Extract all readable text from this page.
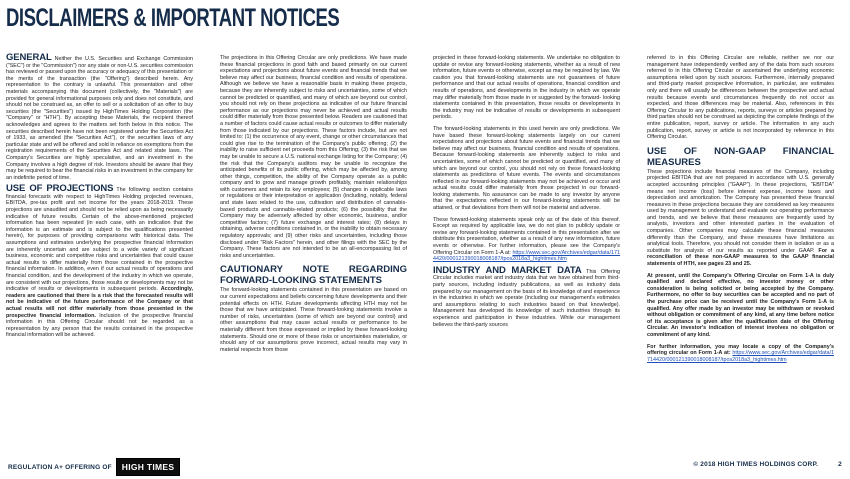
DISCLAIMERS & IMPORTANT NOTICES

GENERAL Neither the U.S. Securities and Exchange Commission ("SEC") or the "Commission") nor any state or non-U.S. securities commission has reviewed or passed upon the accuracy or adequacy of this presentation or the merits of the transaction (the "Offering") described herein. Any representation to the contrary is unlawful. This presentation and other materials accompanying this document (collectively, the "Materials") are provided for general informational purposes only and does not constitute, and should not be construed as, an offer to sell or a solicitation of an offer to buy securities (the "Securities") issued by HighTimes Holding Corporation (the "Company" or "HTH"). By accepting these Materials, the recipient thereof acknowledges and agrees to the matters set forth below in this notice. The securities described herein have not been registered under the Securities Act of 1933, as amended (the "Securities Act"), or the securities laws of any particular state and will be offered and sold in reliance on exemptions from the registration requirements of the Securities Act and related state laws. The Company's Securities are highly speculative, and an investment in the Company involves a high degree of risk. Investors should be aware that they may be required to bear the financial risks in an investment in the company for an indefinite period of time.

USE OF PROJECTIONS The following section contains financial forecasts with respect to HighTimes Holding projected revenues, EBITDA, pre-tax profit and net income for the years 2018-2019. These projections are unaudited and should not be relied upon as being necessarily indicative of future results. Certain of the above-mentioned projected information has been repeated (in each case, with an indication that the information is an estimate and is subject to the qualifications presented herein), for purposes of providing comparisons with historical data. The assumptions and estimates underlying the prospective financial information are inherently uncertain and are subject to a wide variety of significant business, economic and competitive risks and uncertainties that could cause actual results to differ materially from those contained in the prospective financial information. In addition, even if our actual results of operations and financial condition, and the development of the industry in which we operate, are consistent with our projections, those results or developments may not be indicative of results or developments in subsequent periods. Accordingly, readers are cautioned that there is a risk that the forecasted results will not be indicative of the future performance of the Company or that actual results will not differ materially from those presented in the prospective financial information. Inclusion of the prospective financial information in this Offering Circular should not be regarded as a representation by any person that the results contained in the prospective financial information will be achieved.

The projections in this Offering Circular are only predictions. We have made these financial projections in good faith and based primarily on our current expectations and projections about future events and financial trends that we believe may affect our business, financial condition and results of operations. Although we believe we have a reasonable basis in making these projects, because they are inherently subject to risks and uncertainties, some of which cannot be predicted or quantified, and many of which are beyond our control, you should not rely on these projections as indicative of our future financial performance as our projections may never be achieved and actual results could differ materially from those presented below. Readers are cautioned that a number of factors could cause actual results or outcomes to differ materially from those indicated by our projections. These factors include, but are not limited to: (1) the occurrence of any event, change or other circumstances that could give rise to the termination of the Company's public offering; (2) the inability to raise sufficient net proceeds from this Offering; (3) the risk that we may be unable to secure a U.S. national exchange listing for the Company; (4) the risk that the Company's auditors may be unable to recognize the anticipated benefits of its public offering, which may be affected by, among other things, competition, the ability of the Company operate as a public company and to grow and manage growth profitably, maintain relationships with customers and retain its key employees; (5) changes in applicable laws or regulations or their interpretation or application (including, notably, federal and state laws related to the use, cultivation and distribution of cannabis-based products and cannabis-related products; (6) the possibility that the Company may be adversely affected by other economic, business, and/or competitive factors; (7) future exchange and interest rates; (8) delays in obtaining, adverse conditions contained in, or the inability to obtain necessary regulatory approvals; and (9) other risks and uncertainties, including those disclosed under "Risk Factors" herein, and other filings with the SEC by the Company. These factors are not intended to be an all-encompassing list of risks and uncertainties.

CAUTIONARY NOTE REGARDING FORWARD-LOOKING STATEMENTS

The forward-looking statements contained in this presentation are based on our current expectations and beliefs concerning future developments and their potential effects on HTH. Future developments affecting HTH may not be those that we have anticipated. These forward-looking statements involve a number of risks, uncertainties (some of which are beyond our control) and other assumptions that may cause actual results or performance to be materially different from those expressed or implied by these forward-looking statements. Should one or more of these risks or uncertainties materialize, or should any of our assumptions prove incorrect, actual results may vary in material respects from those

projected in these forward-looking statements. We undertake no obligation to update or revise any forward-looking statements, whether as a result of new information, future events or otherwise, except as may be required by law. We caution you that forward-looking statements are not guarantees of future performance and that our actual results of operations, financial condition and results of operations, and developments in the industry in which we operate may differ materially from those made in or suggested by the forward- looking statements contained in this presentation, those results or developments in the industry may not be indicative of results or developments in subsequent periods.

The forward-looking statements in this used herein are only predictions. We have based these forward-looking statements largely on our current expectations and projections about future events and financial trends that we believe may affect our business, financial condition and results of operations. Because forward-looking statements are inherently subject to risks and uncertainties, some of which cannot be predicted or quantified, and many of which are beyond our control, you should not rely on these forward-looking statements as predictions of future events. The events and circumstances reflected in our forward-looking statements may not be achieved or occur and actual results could differ materially from those projected in our forward-looking statements. No assurance can be made to any investor by anyone that the expectations reflected in our forward-looking statements will be attained, or that deviations from them will not be material and adverse.

These forward-looking statements speak only as of the date of this thereof. Except as required by applicable law, we do not plan to publicly update or revise any forward-looking statements contained in this presentation after we distribute this presentation, whether as a result of any new information, future events or otherwise. For further information, please see the Company's Offering Circular on Form 1-A at: https://www.sec.gov/Archives/edgar/data/1714420/000121390018008187/tpos2018a3_hightimes.htm

INDUSTRY AND MARKET DATA This Offering Circular includes market and industry data that we have obtained from third-party sources, including industry publications, as well as industry data prepared by our management on the basis of its knowledge of and experience in the industries in which we operate (including our management's estimates and assumptions relating to such industries based on that knowledge). Management has developed its knowledge of such industries through its experience and participation in these industries. While our management believes the third-party sources

referred to in this Offering Circular are reliable, neither we nor our management have independently verified any of the data from such sources referred to in this Offering Circular or ascertained the underlying economic assumptions relied upon by such sources. Furthermore, internally prepared and third-party market prospective information, in particular, are estimates only and there will usually be differences between the prospective and actual results because events and circumstances frequently do not occur as expected, and those differences may be material. Also, references in this Offering Circular to any publications, reports, surveys or articles prepared by third parties should not be construed as depicting the complete findings of the entire publication, report, survey or article. The information in any such publication, report, survey or article is not incorporated by reference in this Offering Circular.

USE OF NON-GAAP FINANCIAL MEASURES

These projections include financial measures of the Company, including projected EBITDA that are not prepared in accordance with U.S. generally accepted accounting principles ("GAAP"). In these projections, "EBITDA" means net income (loss) before interest expense, income taxes and depreciation and amortization. The Company has presented these financial measures in these projections because they are considered as key measures used by management to understand and evaluate our operating performance and trends, and we believe that these measures are frequently used by analysts, investors and other interested parties in the evaluation of companies. Other companies may calculate these financial measures differently than the Company, and these measures have limitations as analytical tools. Therefore, you should not consider them in isolation or as a substitute for analysis of our results as reported under GAAP. For a reconciliation of these non-GAAP measures to the GAAP financial statements of HTH, see pages 23 and 25.

At present, until the Company's Offering Circular on Form 1-A is duly qualified and declared effective, no investor money or other consideration is being solicited or being accepted by the Company. Furthermore, no offer to buy securities can be accepted and no part of the purchase price can be received until the Company's Form 1-A is qualified. Any offer made by an investor may be withdrawn or revoked without obligation or commitment of any kind, at any time before notice of its acceptance is given after the qualification date of the Offering Circular. An investor's indication of interest involves no obligation or commitment of any kind.

For further information, you may locate a copy of the Company's offering circular on Form 1-A at: https://www.sec.gov/Archives/edgar/data/1714420/000121390018008187/tpos2018a3_hightimes.htm

REGULATION A+ OFFERING OF	HIGH TIMES	© 2018 HIGH TIMES HOLDINGS CORP.	2
